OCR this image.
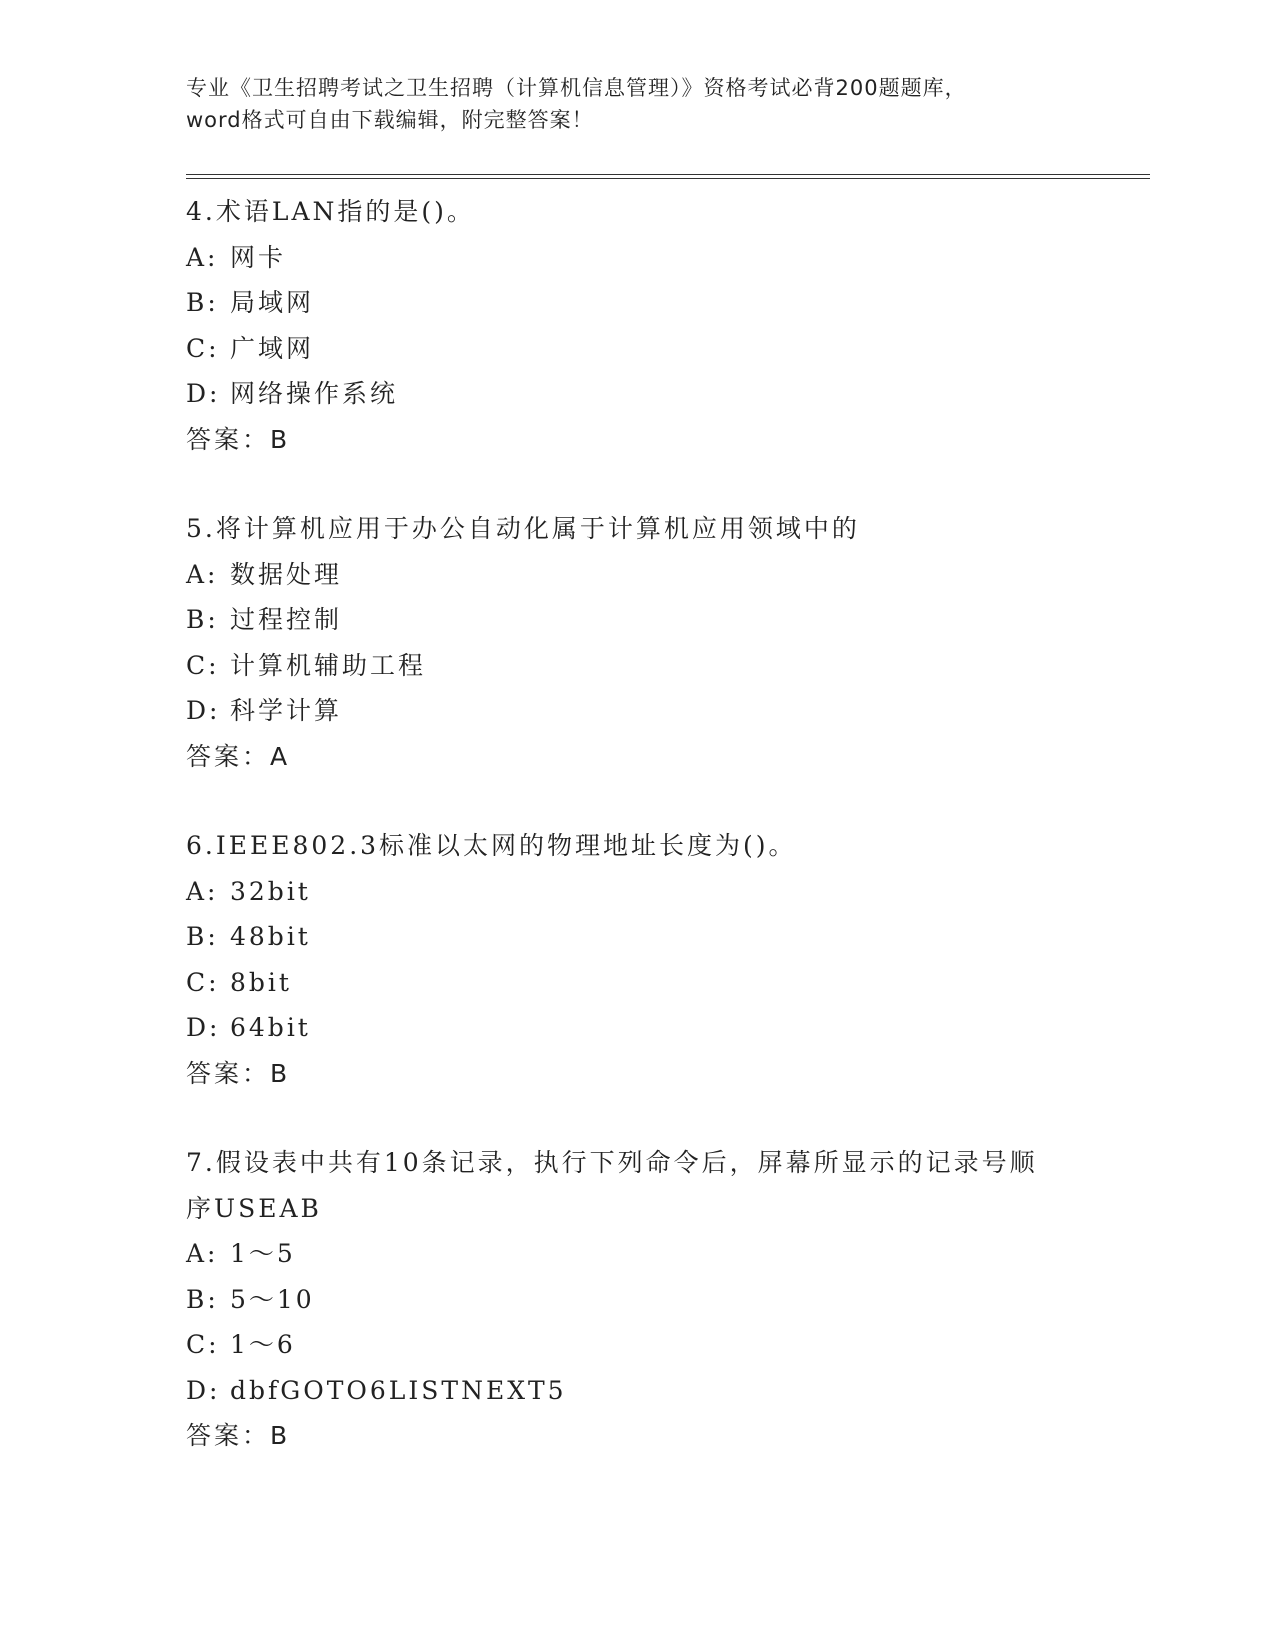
专业《卫生招聘考试之卫生招聘（计算机信息管理）》资格考试必背200题题库，
word格式可自由下载编辑，附完整答案！
4.术语LAN指的是()。
A: 网卡
B: 局域网
C: 广域网
D: 网络操作系统
答案：B
5.将计算机应用于办公自动化属于计算机应用领域中的
A: 数据处理
B: 过程控制
C: 计算机辅助工程
D: 科学计算
答案：A
6.IEEE802.3标准以太网的物理地址长度为()。
A: 32bit
B: 48bit
C: 8bit
D: 64bit
答案：B
7.假设表中共有10条记录，执行下列命令后，屏幕所显示的记录号顺
序USEAB
A: 1～5
B: 5～10
C: 1～6
D: dbfGOTO6LISTNEXT5
答案：B
